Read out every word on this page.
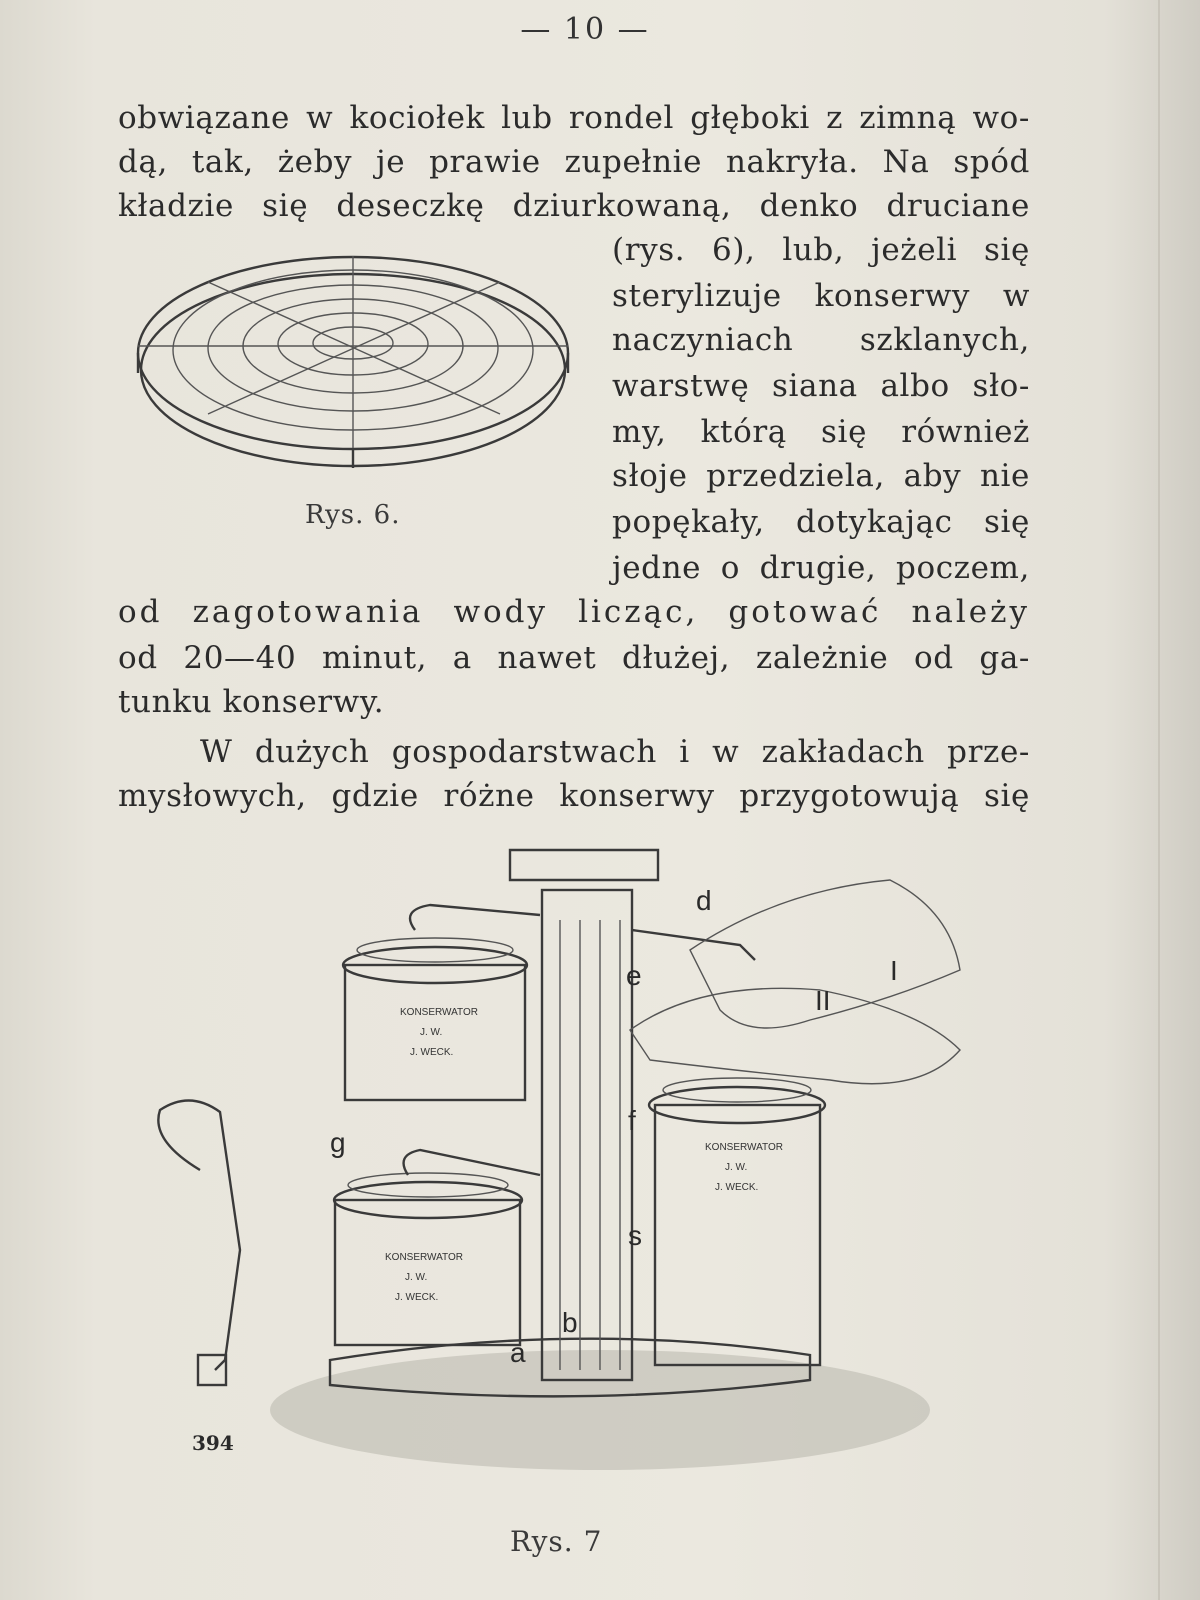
— 10 —
obwiązane w kociołek lub rondel głęboki z zimną wo-
dą, tak, żeby je prawie zupełnie nakryła. Na spód
kładzie się deseczkę dziurkowaną, denko druciane
(rys. 6), lub, jeżeli się
sterylizuje konserwy w
naczyniach szklanych,
warstwę siana albo sło-
my, którą się również
słoje przedziela, aby nie
popękały, dotykając się
jedne o drugie, poczem,
od zagotowania wody licząc, gotować należy
od 20—40 minut, a nawet dłużej, zależnie od ga-
tunku konserwy.
W dużych gospodarstwach i w zakładach prze-
mysłowych, gdzie różne konserwy przygotowują się
Rys. 6.
d
e
f
g
s
b
a
I
II
KONSERWATOR
J. W.
J. WECK.
KONSERWATOR
J. W.
J. WECK.
KONSERWATOR
J. W.
J. WECK.
394
Rys. 7
